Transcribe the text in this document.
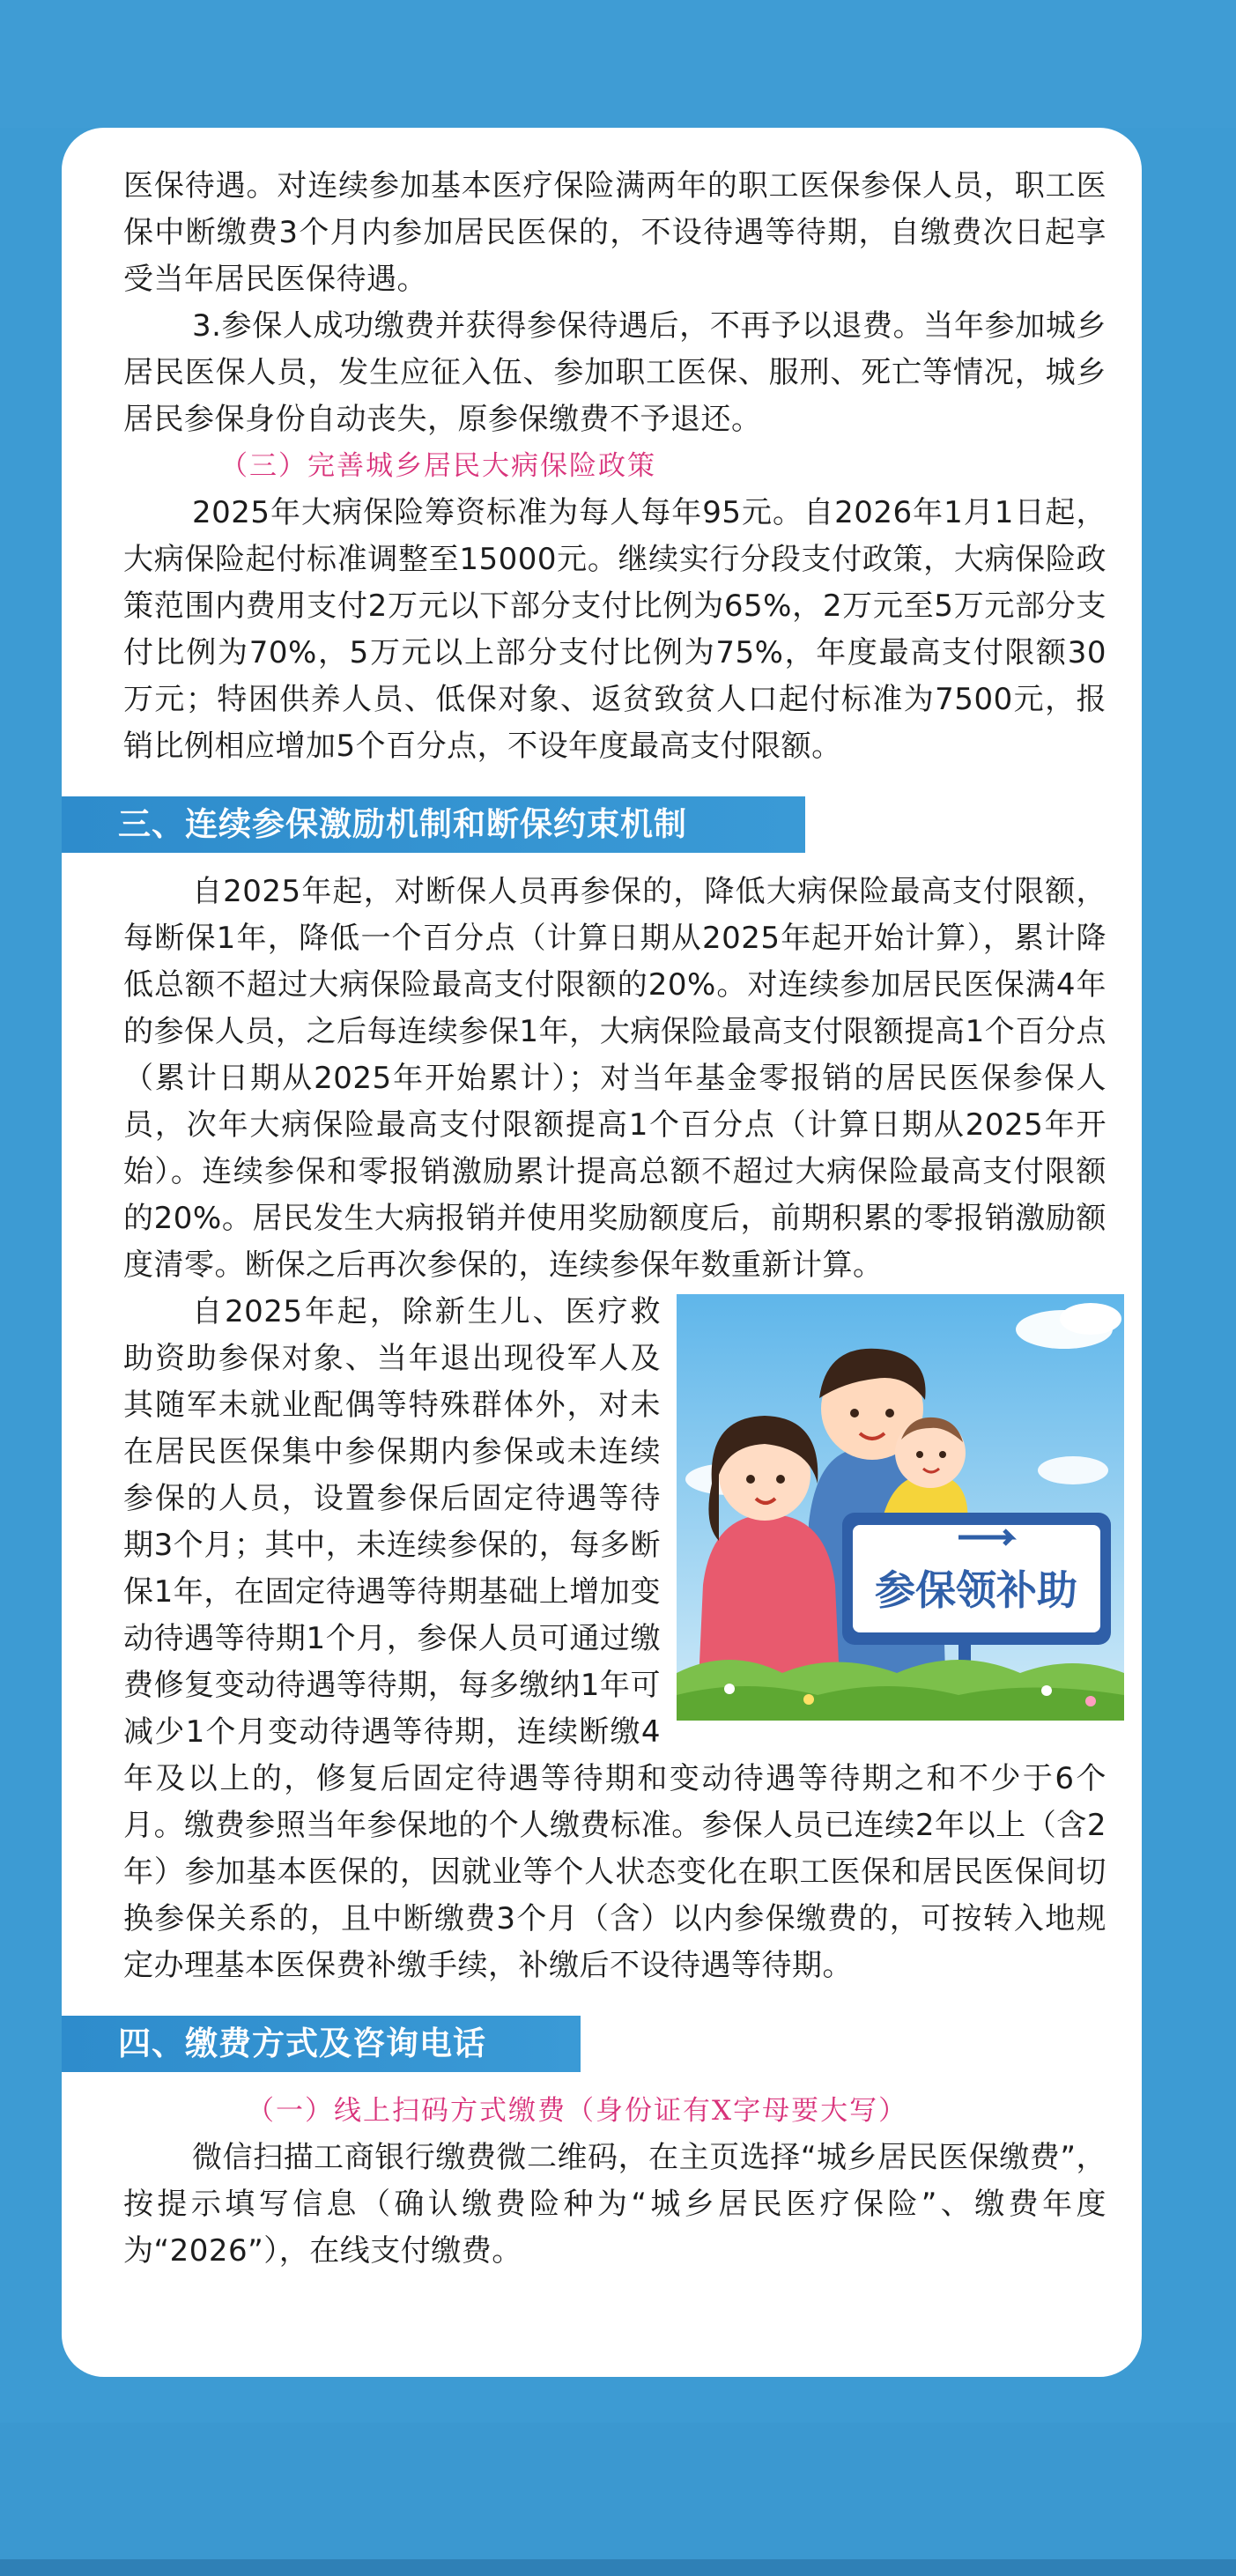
医保待遇。对连续参加基本医疗保险满两年的职工医保参保人员，职工医保中断缴费3个月内参加居民医保的，不设待遇等待期，自缴费次日起享受当年居民医保待遇。

3.参保人成功缴费并获得参保待遇后，不再予以退费。当年参加城乡居民医保人员，发生应征入伍、参加职工医保、服刑、死亡等情况，城乡居民参保身份自动丧失，原参保缴费不予退还。

（三）完善城乡居民大病保险政策

2025年大病保险筹资标准为每人每年95元。自2026年1月1日起，大病保险起付标准调整至15000元。继续实行分段支付政策，大病保险政策范围内费用支付2万元以下部分支付比例为65%，2万元至5万元部分支付比例为70%，5万元以上部分支付比例为75%，年度最高支付限额30万元；特困供养人员、低保对象、返贫致贫人口起付标准为7500元，报销比例相应增加5个百分点，不设年度最高支付限额。

三、连续参保激励机制和断保约束机制

自2025年起，对断保人员再参保的，降低大病保险最高支付限额，每断保1年，降低一个百分点（计算日期从2025年起开始计算），累计降低总额不超过大病保险最高支付限额的20%。对连续参加居民医保满4年的参保人员，之后每连续参保1年，大病保险最高支付限额提高1个百分点（累计日期从2025年开始累计）；对当年基金零报销的居民医保参保人员，次年大病保险最高支付限额提高1个百分点（计算日期从2025年开始）。连续参保和零报销激励累计提高总额不超过大病保险最高支付限额的20%。居民发生大病报销并使用奖励额度后，前期积累的零报销激励额度清零。断保之后再次参保的，连续参保年数重新计算。

参保领补助

自2025年起，除新生儿、医疗救助资助参保对象、当年退出现役军人及其随军未就业配偶等特殊群体外，对未在居民医保集中参保期内参保或未连续参保的人员，设置参保后固定待遇等待期3个月；其中，未连续参保的，每多断保1年，在固定待遇等待期基础上增加变动待遇等待期1个月，参保人员可通过缴费修复变动待遇等待期，每多缴纳1年可减少1个月变动待遇等待期，连续断缴4年及以上的，修复后固定待遇等待期和变动待遇等待期之和不少于6个月。缴费参照当年参保地的个人缴费标准。参保人员已连续2年以上（含2年）参加基本医保的，因就业等个人状态变化在职工医保和居民医保间切换参保关系的，且中断缴费3个月（含）以内参保缴费的，可按转入地规定办理基本医保费补缴手续，补缴后不设待遇等待期。

四、缴费方式及咨询电话

（一）线上扫码方式缴费（身份证有X字母要大写）

微信扫描工商银行缴费微二维码，在主页选择“城乡居民医保缴费”，按提示填写信息（确认缴费险种为“城乡居民医疗保险”、缴费年度为“2026”），在线支付缴费。
